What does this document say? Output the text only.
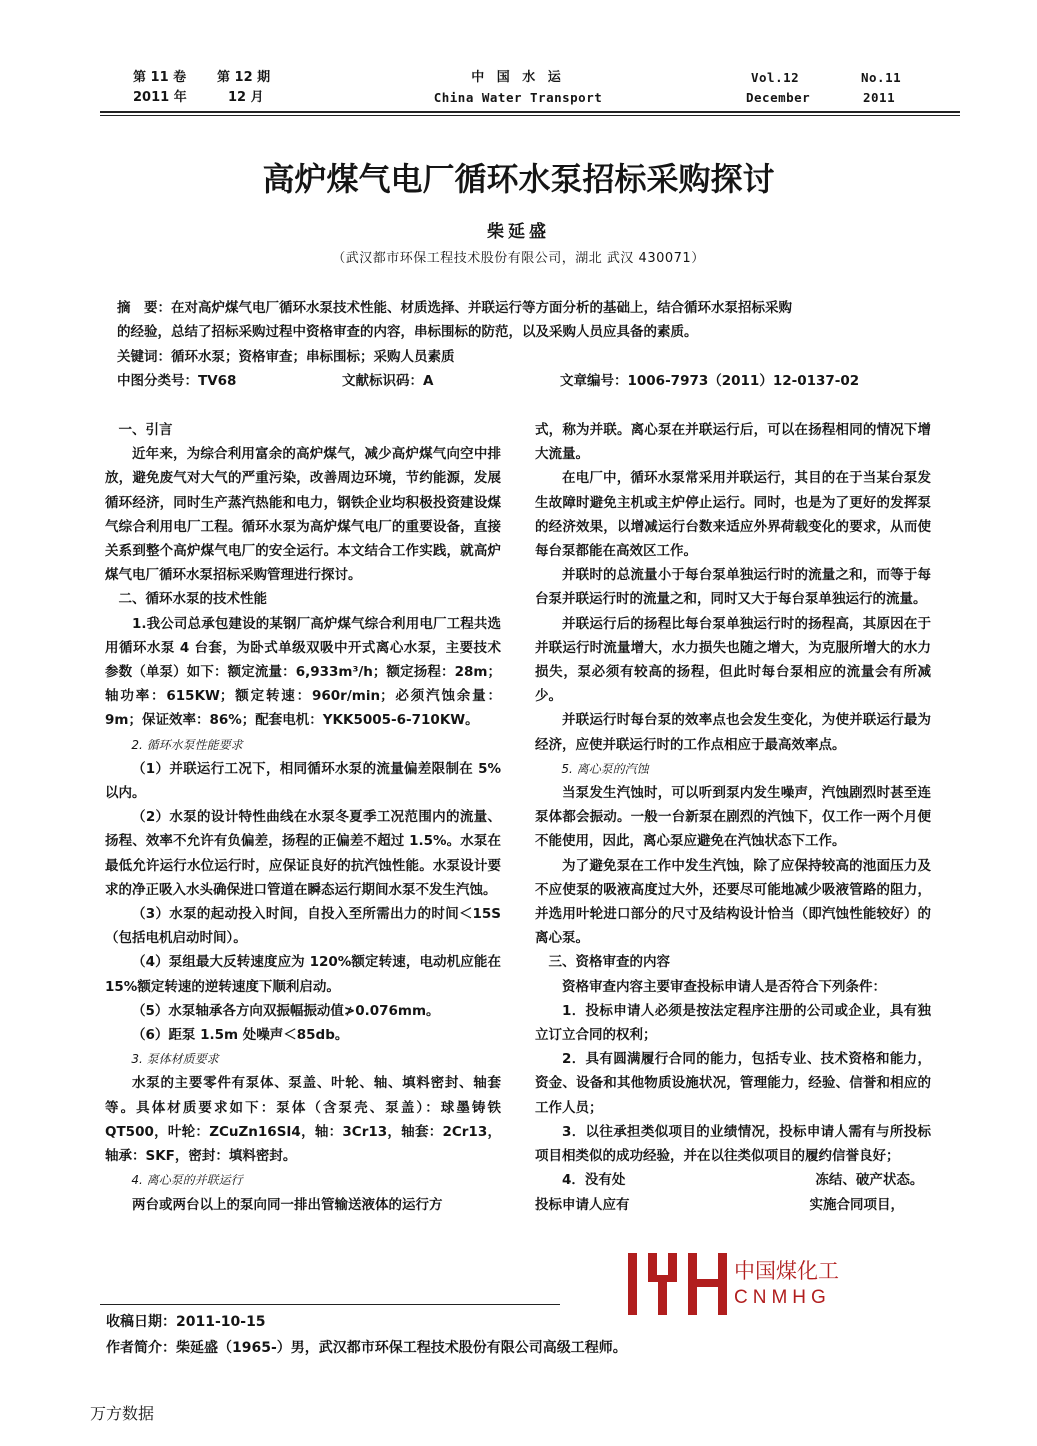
第 11 卷 第 12 期
2011 年	12 月
中 国 水 运
China Water Transport
Vol.12
December
No.11
2011
高炉煤气电厂循环水泵招标采购探讨
柴延盛
（武汉都市环保工程技术股份有限公司，湖北 武汉 430071）
摘　要：在对高炉煤气电厂循环水泵技术性能、材质选择、并联运行等方面分析的基础上，结合循环水泵招标采购
的经验，总结了招标采购过程中资格审查的内容，串标围标的防范，以及采购人员应具备的素质。
关键词：循环水泵；资格审查；串标围标；采购人员素质
中图分类号：TV68	文献标识码：A	文章编号：1006-7973（2011）12-0137-02

一、引言

近年来，为综合利用富余的高炉煤气，减少高炉煤气向空中排放，避免废气对大气的严重污染，改善周边环境，节约能源，发展循环经济，同时生产蒸汽热能和电力，钢铁企业均积极投资建设煤气综合利用电厂工程。循环水泵为高炉煤气电厂的重要设备，直接关系到整个高炉煤气电厂的安全运行。本文结合工作实践，就高炉煤气电厂循环水泵招标采购管理进行探讨。

二、循环水泵的技术性能

1.我公司总承包建设的某钢厂高炉煤气综合利用电厂工程共选用循环水泵 4 台套，为卧式单级双吸中开式离心水泵，主要技术参数（单泵）如下：额定流量：6,933m³/h；额定扬程：28m；轴功率：615KW；额定转速：960r/min；必须汽蚀余量：9m；保证效率：86%；配套电机：YKK5005-6-710KW。

2. 循环水泵性能要求

（1）并联运行工况下，相同循环水泵的流量偏差限制在 5%以内。

（2）水泵的设计特性曲线在水泵冬夏季工况范围内的流量、扬程、效率不允许有负偏差，扬程的正偏差不超过 1.5%。水泵在最低允许运行水位运行时，应保证良好的抗汽蚀性能。水泵设计要求的净正吸入水头确保进口管道在瞬态运行期间水泵不发生汽蚀。

（3）水泵的起动投入时间，自投入至所需出力的时间＜15S（包括电机启动时间）。

（4）泵组最大反转速度应为 120%额定转速，电动机应能在 15%额定转速的逆转速度下顺利启动。

（5）水泵轴承各方向双振幅振动值≯0.076mm。

（6）距泵 1.5m 处噪声＜85db。

3. 泵体材质要求

水泵的主要零件有泵体、泵盖、叶轮、轴、填料密封、轴套等。具体材质要求如下：泵体（含泵壳、泵盖）：球墨铸铁 QT500，叶轮：ZCuZn16SI4，轴：3Cr13，轴套：2Cr13，轴承：SKF，密封：填料密封。

4. 离心泵的并联运行

两台或两台以上的泵向同一排出管输送液体的运行方

式，称为并联。离心泵在并联运行后，可以在扬程相同的情况下增大流量。

在电厂中，循环水泵常采用并联运行，其目的在于当某台泵发生故障时避免主机或主炉停止运行。同时，也是为了更好的发挥泵的经济效果，以增减运行台数来适应外界荷载变化的要求，从而使每台泵都能在高效区工作。

并联时的总流量小于每台泵单独运行时的流量之和，而等于每台泵并联运行时的流量之和，同时又大于每台泵单独运行的流量。

并联运行后的扬程比每台泵单独运行时的扬程高，其原因在于并联运行时流量增大，水力损失也随之增大，为克服所增大的水力损失，泵必须有较高的扬程，但此时每台泵相应的流量会有所减少。

并联运行时每台泵的效率点也会发生变化，为使并联运行最为经济，应使并联运行时的工作点相应于最高效率点。

5. 离心泵的汽蚀

当泵发生汽蚀时，可以听到泵内发生噪声，汽蚀剧烈时甚至连泵体都会振动。一般一台新泵在剧烈的汽蚀下，仅工作一两个月便不能使用，因此，离心泵应避免在汽蚀状态下工作。

为了避免泵在工作中发生汽蚀，除了应保持较高的池面压力及不应使泵的吸液高度过大外，还要尽可能地减少吸液管路的阻力，并选用叶轮进口部分的尺寸及结构设计恰当（即汽蚀性能较好）的离心泵。

三、资格审查的内容

资格审查内容主要审查投标申请人是否符合下列条件：

1．投标申请人必须是按法定程序注册的公司或企业，具有独立订立合同的权利；

2．具有圆满履行合同的能力，包括专业、技术资格和能力，资金、设备和其他物质设施状况，管理能力，经验、信誉和相应的工作人员；

3．以往承担类似项目的业绩情况，投标申请人需有与所投标项目相类似的成功经验，并在以往类似项目的履约信誉良好；

4．没有处	冻结、破产状态。

投标申请人应有	实施合同项目，

中国煤化工
CNMHG
收稿日期：2011-10-15
作者简介：柴延盛（1965-）男，武汉都市环保工程技术股份有限公司高级工程师。
万方数据
